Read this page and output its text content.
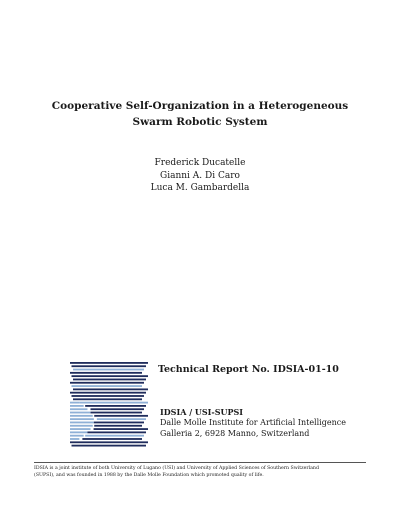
Cooperative Self-Organization in a Heterogeneous
Swarm Robotic System
Frederick Ducatelle
Gianni A. Di Caro
Luca M. Gambardella
Technical Report No. IDSIA-01-10
IDSIA / USI-SUPSI
Dalle Molle Institute for Artificial Intelligence
Galleria 2, 6928 Manno, Switzerland
IDSIA is a joint institute of both University of Lugano (USI) and University of Applied Sciences of Southern Switzerland
(SUPSI), and was founded in 1988 by the Dalle Molle Foundation which promoted quality of life.
